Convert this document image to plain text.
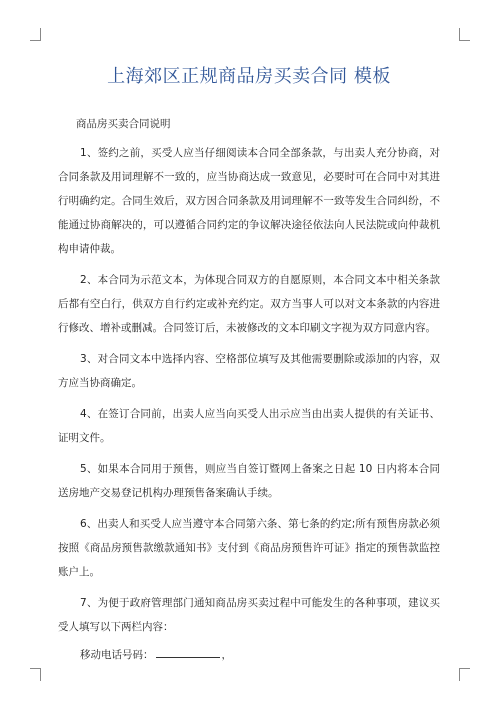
上海郊区正规商品房买卖合同 模板
商品房买卖合同说明

1、签约之前，买受人应当仔细阅读本合同全部条款，与出卖人充分协商，对合同条款及用词理解不一致的，应当协商达成一致意见，必要时可在合同中对其进行明确约定。合同生效后，双方因合同条款及用词理解不一致等发生合同纠纷，不能通过协商解决的，可以遵循合同约定的争议解决途径依法向人民法院或向仲裁机构申请仲裁。

2、本合同为示范文本，为体现合同双方的自愿原则，本合同文本中相关条款后都有空白行，供双方自行约定或补充约定。双方当事人可以对文本条款的内容进行修改、增补或删减。合同签订后，未被修改的文本印刷文字视为双方同意内容。

3、对合同文本中选择内容、空格部位填写及其他需要删除或添加的内容，双方应当协商确定。

4、在签订合同前，出卖人应当向买受人出示应当由出卖人提供的有关证书、证明文件。

5、如果本合同用于预售，则应当自签订暨网上备案之日起 10 日内将本合同送房地产交易登记机构办理预售备案确认手续。

6、出卖人和买受人应当遵守本合同第六条、第七条的约定;所有预售房款必须按照《商品房预售款缴款通知书》支付到《商品房预售许可证》指定的预售款监控账户上。

7、为便于政府管理部门通知商品房买卖过程中可能发生的各种事项，建议买受人填写以下两栏内容：

移动电话号码：	，
